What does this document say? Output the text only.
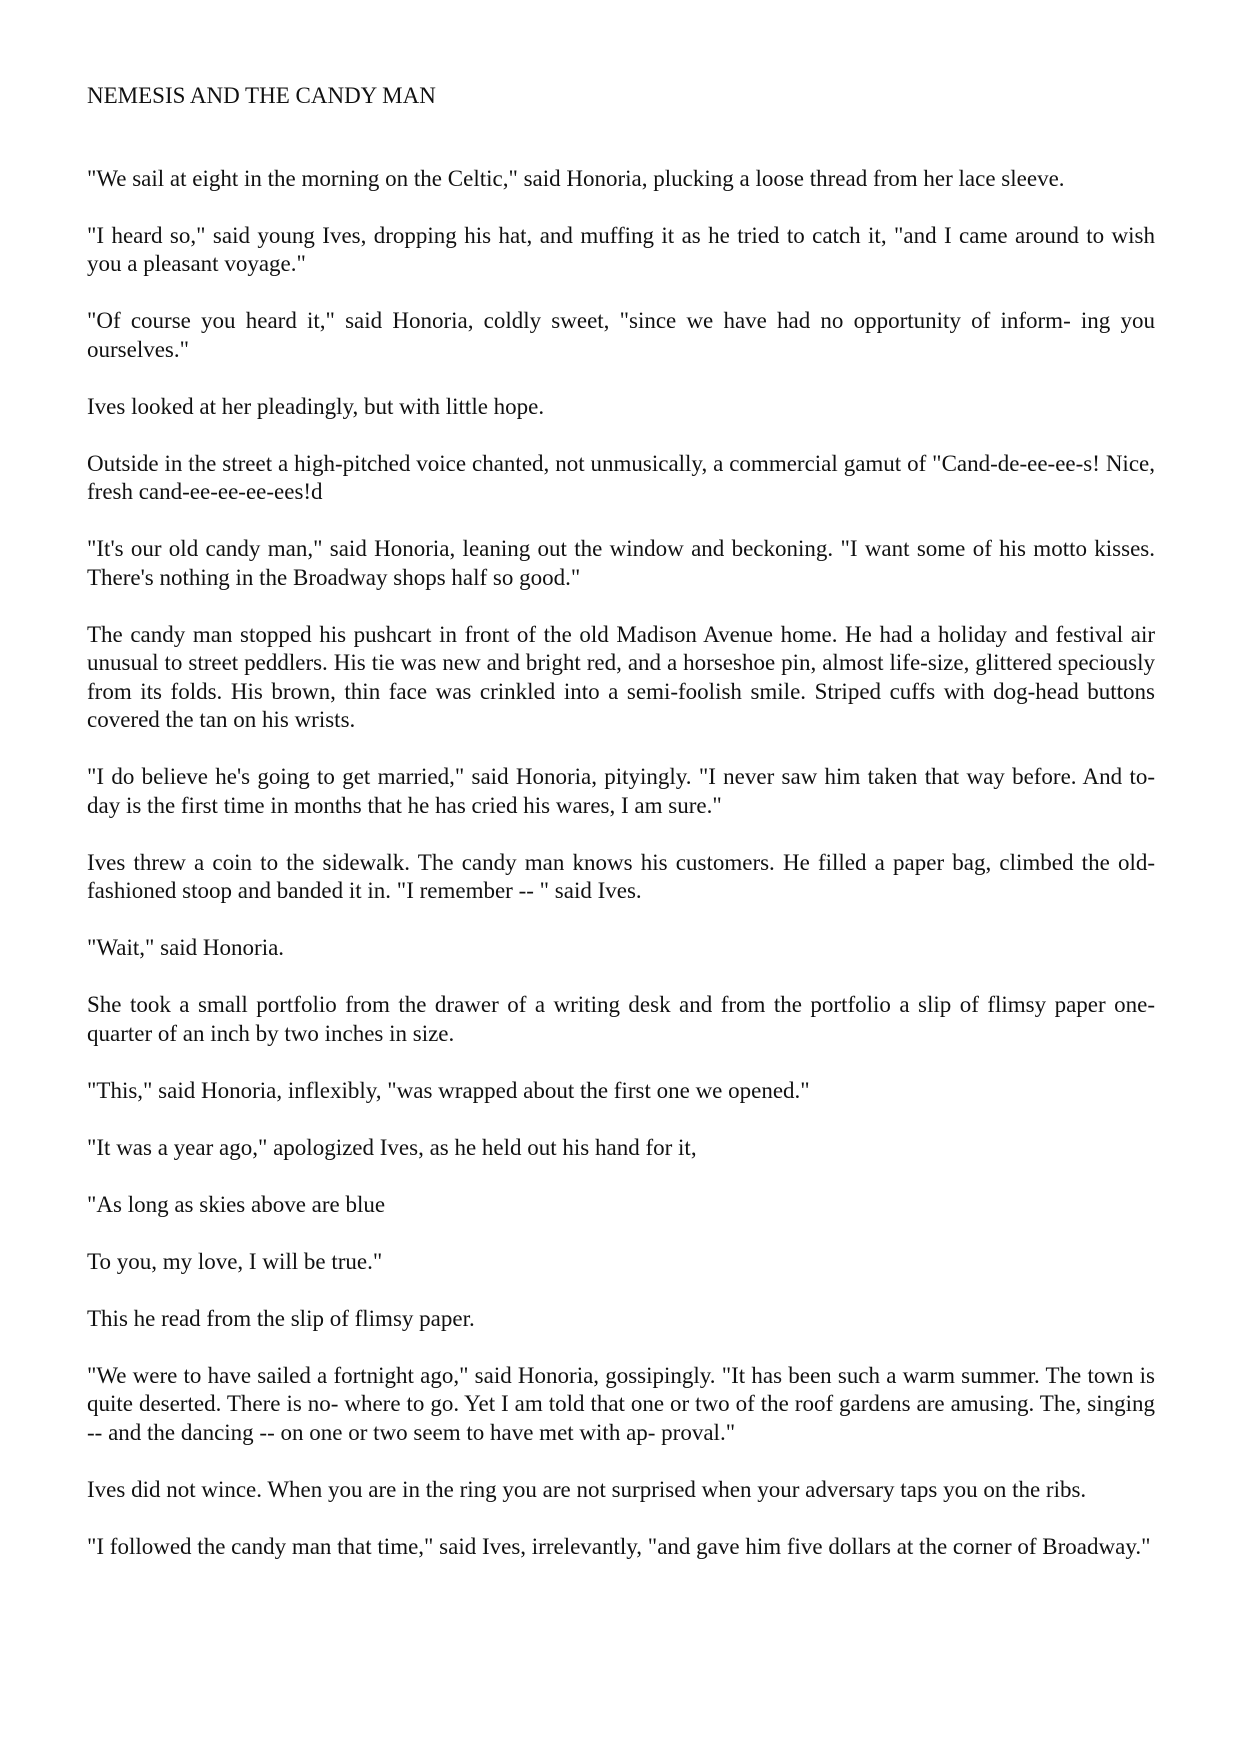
NEMESIS AND THE CANDY MAN

"We sail at eight in the morning on the Celtic," said Honoria, plucking a loose thread from her lace sleeve.

"I heard so," said young Ives, dropping his hat, and muffing it as he tried to catch it, "and I came around to wish you a pleasant voyage."

"Of course you heard it," said Honoria, coldly sweet, "since we have had no opportunity of inform- ing you ourselves."

Ives looked at her pleadingly, but with little hope.

Outside in the street a high-pitched voice chanted, not unmusically, a commercial gamut of "Cand-de-ee-ee-s! Nice, fresh cand-ee-ee-ee-ees!d

"It's our old candy man," said Honoria, leaning out the window and beckoning. "I want some of his motto kisses. There's nothing in the Broadway shops half so good."

The candy man stopped his pushcart in front of the old Madison Avenue home. He had a holiday and festival air unusual to street peddlers. His tie was new and bright red, and a horseshoe pin, almost life-size, glittered speciously from its folds. His brown, thin face was crinkled into a semi-foolish smile. Striped cuffs with dog-head buttons covered the tan on his wrists.

"I do believe he's going to get married," said Honoria, pityingly. "I never saw him taken that way before. And to-day is the first time in months that he has cried his wares, I am sure."

Ives threw a coin to the sidewalk. The candy man knows his customers. He filled a paper bag, climbed the old-fashioned stoop and banded it in. "I remember -- " said Ives.

"Wait," said Honoria.

She took a small portfolio from the drawer of a writing desk and from the portfolio a slip of flimsy paper one-quarter of an inch by two inches in size.

"This," said Honoria, inflexibly, "was wrapped about the first one we opened."

"It was a year ago," apologized Ives, as he held out his hand for it,

"As long as skies above are blue

To you, my love, I will be true."

This he read from the slip of flimsy paper.

"We were to have sailed a fortnight ago," said Honoria, gossipingly. "It has been such a warm summer. The town is quite deserted. There is no- where to go. Yet I am told that one or two of the roof gardens are amusing. The, singing -- and the dancing -- on one or two seem to have met with ap- proval."

Ives did not wince. When you are in the ring you are not surprised when your adversary taps you on the ribs.

"I followed the candy man that time," said Ives, irrelevantly, "and gave him five dollars at the corner of Broadway."
